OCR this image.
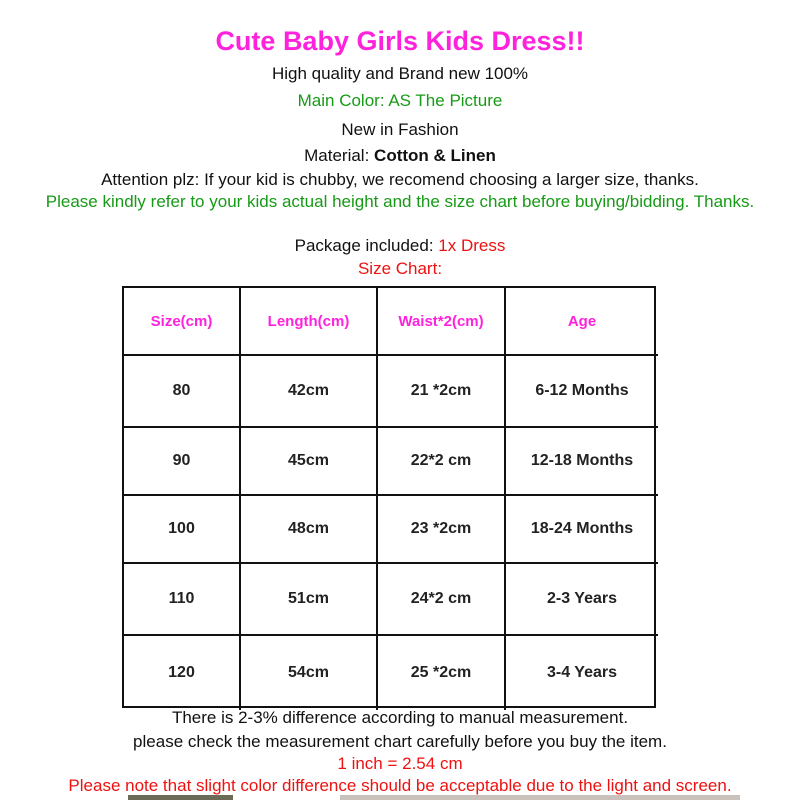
Cute Baby Girls Kids Dress!!
High quality and Brand new 100%
Main Color: AS The Picture
New in Fashion
Material: Cotton & Linen
Attention plz: If your kid is chubby, we recomend choosing a larger size, thanks.
Please kindly refer to your kids actual height and the size chart before buying/bidding. Thanks.
Package included: 1x Dress
Size Chart:
Size(cm)	Length(cm)	Waist*2(cm)	Age
80	42cm	21 *2cm	6-12 Months
90	45cm	22*2 cm	12-18 Months
100	48cm	23 *2cm	18-24 Months
110	51cm	24*2 cm	2-3 Years
120	54cm	25 *2cm	3-4 Years
There is 2-3% difference according to manual measurement.
please check the measurement chart carefully before you buy the item.
1 inch = 2.54 cm
Please note that slight color difference should be acceptable due to the light and screen.
